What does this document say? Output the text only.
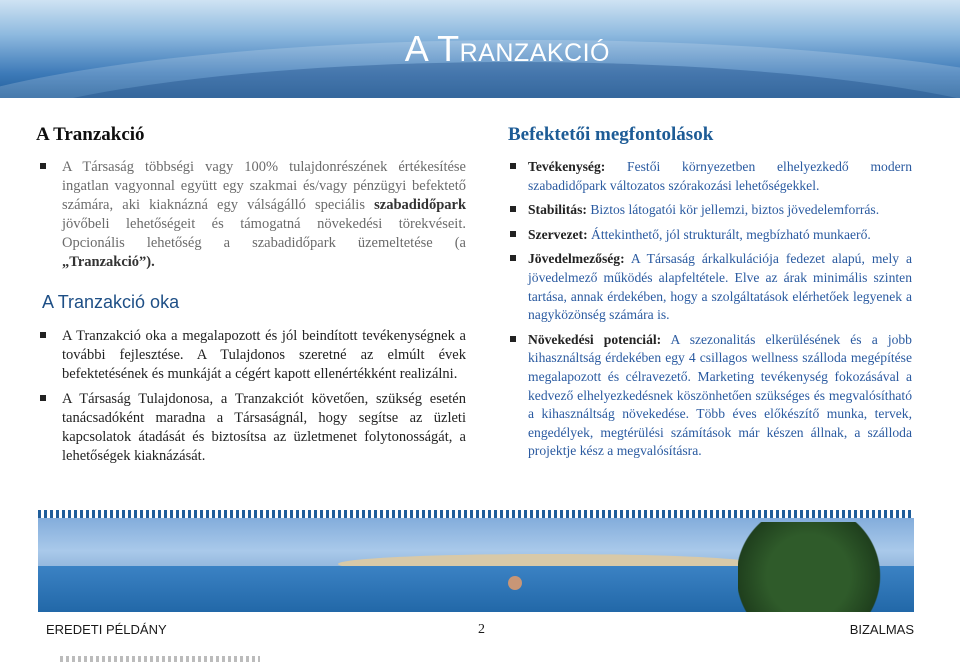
A Tranzakció
A Tranzakció
A Társaság többségi vagy 100% tulajdonrészének értékesítése ingatlan vagyonnal együtt egy szakmai és/vagy pénzügyi befektető számára, aki kiaknázná egy válságálló speciális szabadidőpark jövőbeli lehetőségeit és támogatná növekedési törekvéseit. Opcionális lehetőség a szabadidőpark üzemeltetése (a „Tranzakció”).
A Tranzakció oka
A Tranzakció oka a megalapozott és jól beindított tevékenységnek a további fejlesztése. A Tulajdonos szeretné az elmúlt évek befektetésének és munkáját a cégért kapott ellenértékként realizálni.
A Társaság Tulajdonosa, a Tranzakciót követően, szükség esetén tanácsadóként maradna a Társaságnál, hogy segítse az üzleti kapcsolatok átadását és biztosítsa az üzletmenet folytonosságát, a lehetőségek kiaknázását.
Befektetői megfontolások
Tevékenység: Festői környezetben elhelyezkedő modern szabadidőpark változatos szórakozási lehetőségekkel.
Stabilitás: Biztos látogatói kör jellemzi, biztos jövedelemforrás.
Szervezet: Áttekinthető, jól strukturált, megbízható munkaerő.
Jövedelmezőség: A Társaság árkalkulációja fedezet alapú, mely a jövedelmező működés alapfeltétele. Elve az árak minimális szinten tartása, annak érdekében, hogy a szolgáltatások elérhetőek legyenek a nagyközönség számára is.
Növekedési potenciál: A szezonalitás elkerülésének és a jobb kihasználtság érdekében egy 4 csillagos wellness szálloda megépítése megalapozott és célravezető. Marketing tevékenység fokozásával a kedvező elhelyezkedésnek köszönhetően szükséges és megvalósítható a kihasználtság növekedése. Több éves előkészítő munka, tervek, engedélyek, megtérülési számítások már készen állnak, a szálloda projektje kész a megvalósításra.
EREDETI PÉLDÁNY	2	BIZALMAS
